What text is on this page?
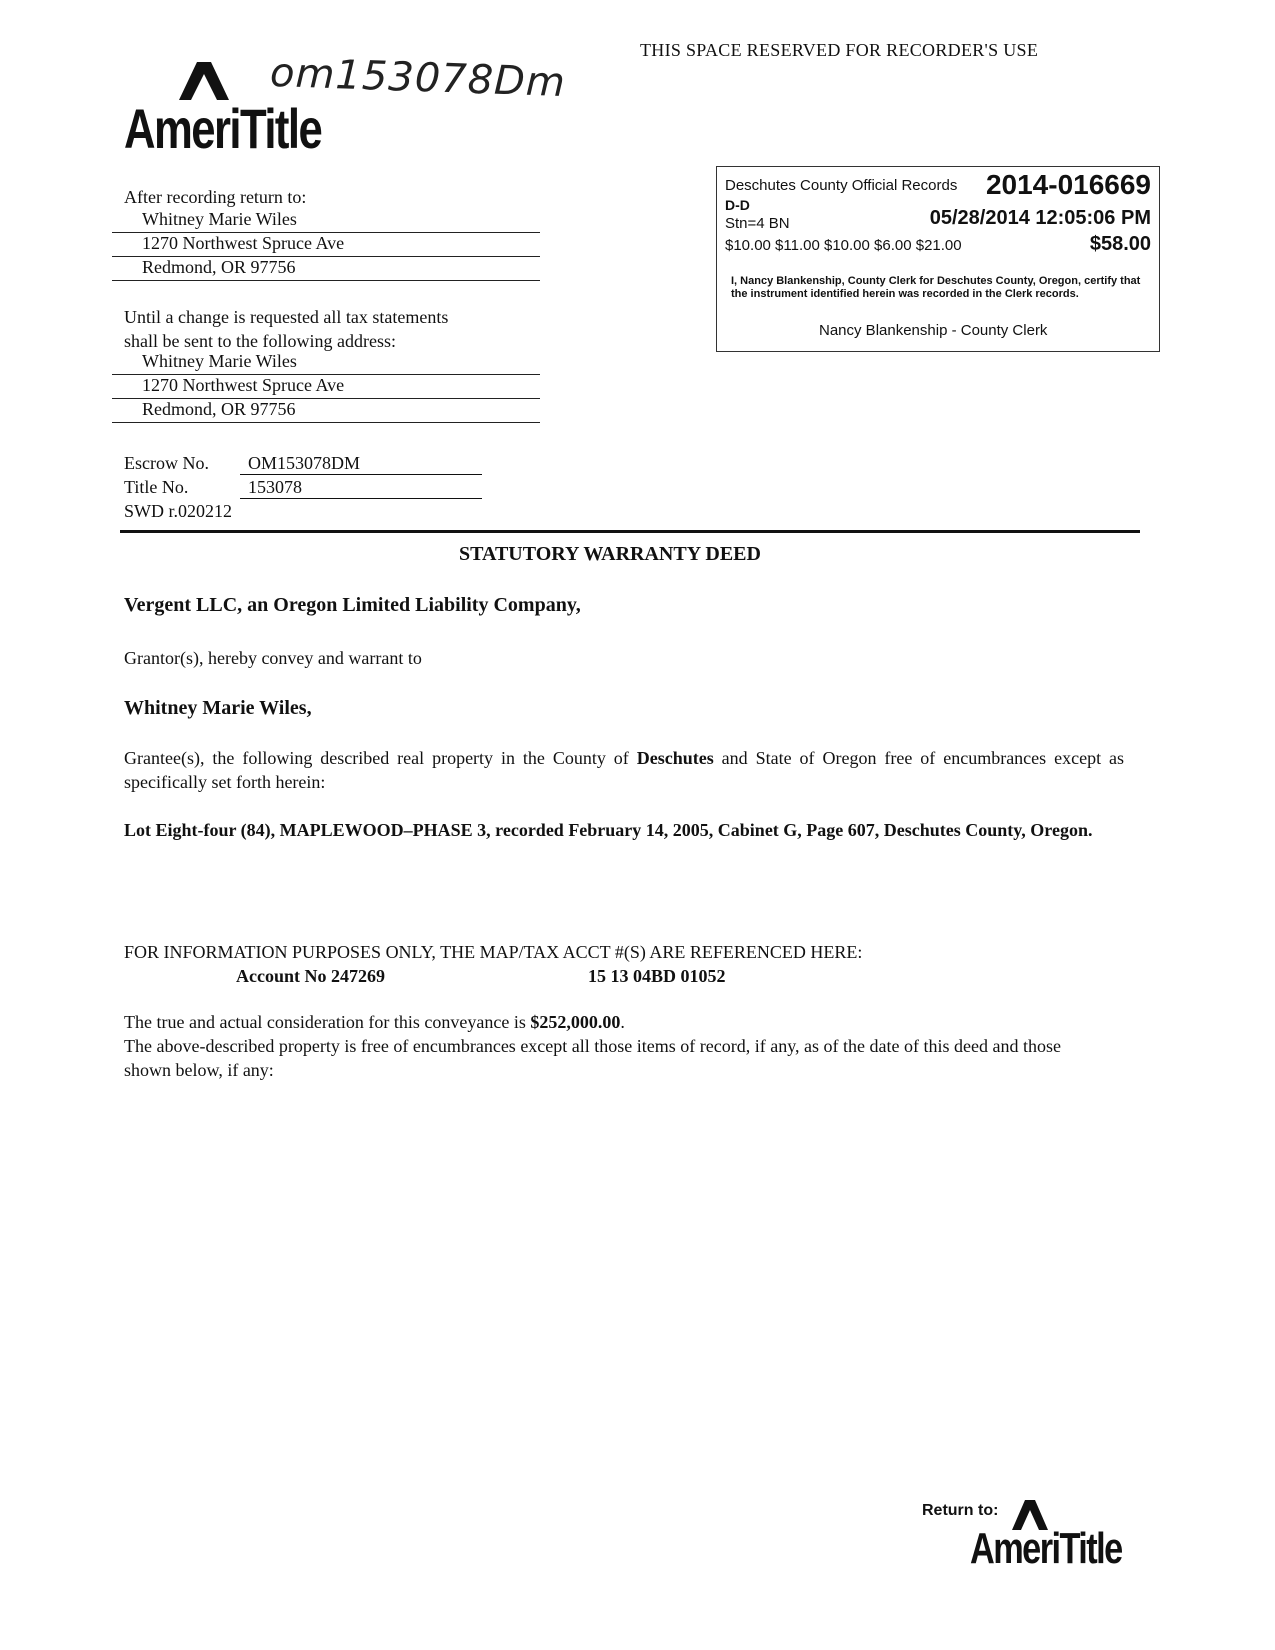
THIS SPACE RESERVED FOR RECORDER'S USE
AmeriTitle
om153078Dm
Deschutes County Official Records 2014-016669
D-D
Stn=4 BN	05/28/2014 12:05:06 PM
$10.00 $11.00 $10.00 $6.00 $21.00	$58.00
I, Nancy Blankenship, County Clerk for Deschutes County, Oregon, certify that the instrument identified herein was recorded in the Clerk records.
Nancy Blankenship - County Clerk
After recording return to:
Whitney Marie Wiles
1270 Northwest Spruce Ave
Redmond, OR 97756
Until a change is requested all tax statements
shall be sent to the following address:
Whitney Marie Wiles
1270 Northwest Spruce Ave
Redmond, OR 97756
Escrow No.	OM153078DM
Title No.	153078
SWD r.020212
STATUTORY WARRANTY DEED
Vergent LLC, an Oregon Limited Liability Company,
Grantor(s), hereby convey and warrant to
Whitney Marie Wiles,
Grantee(s), the following described real property in the County of Deschutes and State of Oregon free of encumbrances except as specifically set forth herein:
Lot Eight-four (84), MAPLEWOOD–PHASE 3, recorded February 14, 2005, Cabinet G, Page 607, Deschutes County, Oregon.
FOR INFORMATION PURPOSES ONLY, THE MAP/TAX ACCT #(S) ARE REFERENCED HERE:
Account No 247269	15 13 04BD 01052
The true and actual consideration for this conveyance is $252,000.00.
The above-described property is free of encumbrances except all those items of record, if any, as of the date of this deed and those shown below, if any:
AmeriTitle
Return to:
